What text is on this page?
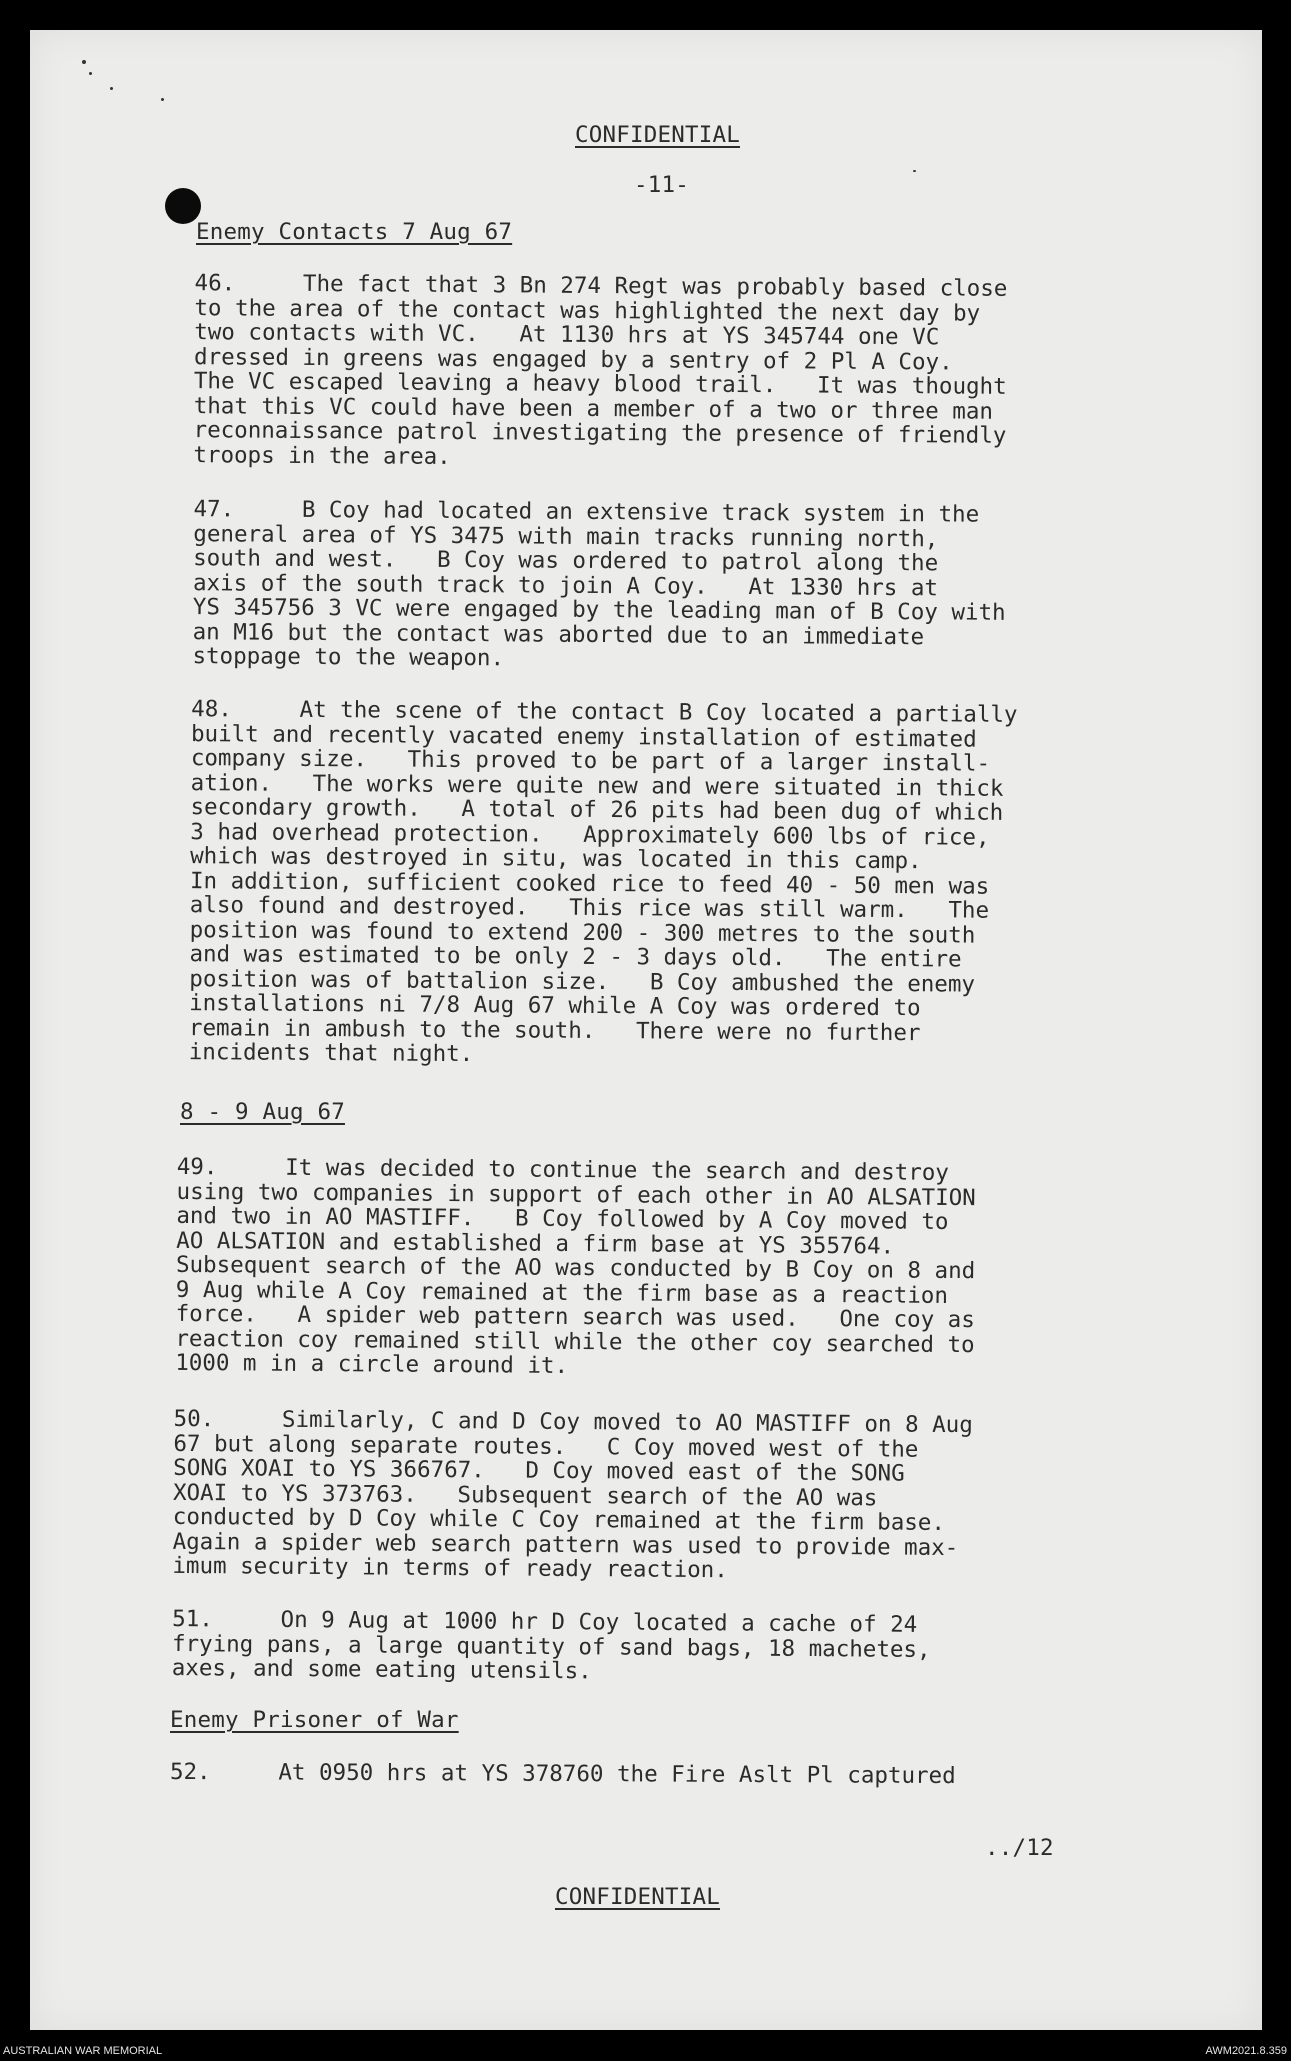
CONFIDENTIAL
-11-
Enemy Contacts 7 Aug 67
46.     The fact that 3 Bn 274 Regt was probably based close
to the area of the contact was highlighted the next day by
two contacts with VC.   At 1130 hrs at YS 345744 one VC
dressed in greens was engaged by a sentry of 2 Pl A Coy.
The VC escaped leaving a heavy blood trail.   It was thought
that this VC could have been a member of a two or three man
reconnaissance patrol investigating the presence of friendly
troops in the area.
47.     B Coy had located an extensive track system in the
general area of YS 3475 with main tracks running north,
south and west.   B Coy was ordered to patrol along the
axis of the south track to join A Coy.   At 1330 hrs at
YS 345756 3 VC were engaged by the leading man of B Coy with
an M16 but the contact was aborted due to an immediate
stoppage to the weapon.
48.     At the scene of the contact B Coy located a partially
built and recently vacated enemy installation of estimated
company size.   This proved to be part of a larger install-
ation.   The works were quite new and were situated in thick
secondary growth.   A total of 26 pits had been dug of which
3 had overhead protection.   Approximately 600 lbs of rice,
which was destroyed in situ, was located in this camp.
In addition, sufficient cooked rice to feed 40 - 50 men was
also found and destroyed.   This rice was still warm.   The
position was found to extend 200 - 300 metres to the south
and was estimated to be only 2 - 3 days old.   The entire
position was of battalion size.   B Coy ambushed the enemy
installations ni 7/8 Aug 67 while A Coy was ordered to
remain in ambush to the south.   There were no further
incidents that night.
8 - 9 Aug 67
49.     It was decided to continue the search and destroy
using two companies in support of each other in AO ALSATION
and two in AO MASTIFF.   B Coy followed by A Coy moved to
AO ALSATION and established a firm base at YS 355764.
Subsequent search of the AO was conducted by B Coy on 8 and
9 Aug while A Coy remained at the firm base as a reaction
force.   A spider web pattern search was used.   One coy as
reaction coy remained still while the other coy searched to
1000 m in a circle around it.
50.     Similarly, C and D Coy moved to AO MASTIFF on 8 Aug
67 but along separate routes.   C Coy moved west of the
SONG XOAI to YS 366767.   D Coy moved east of the SONG
XOAI to YS 373763.   Subsequent search of the AO was
conducted by D Coy while C Coy remained at the firm base.
Again a spider web search pattern was used to provide max-
imum security in terms of ready reaction.
51.     On 9 Aug at 1000 hr D Coy located a cache of 24
frying pans, a large quantity of sand bags, 18 machetes,
axes, and some eating utensils.
Enemy Prisoner of War
52.     At 0950 hrs at YS 378760 the Fire Aslt Pl captured
../12
CONFIDENTIAL
AUSTRALIAN WAR MEMORIAL	AWM2021.8.359
